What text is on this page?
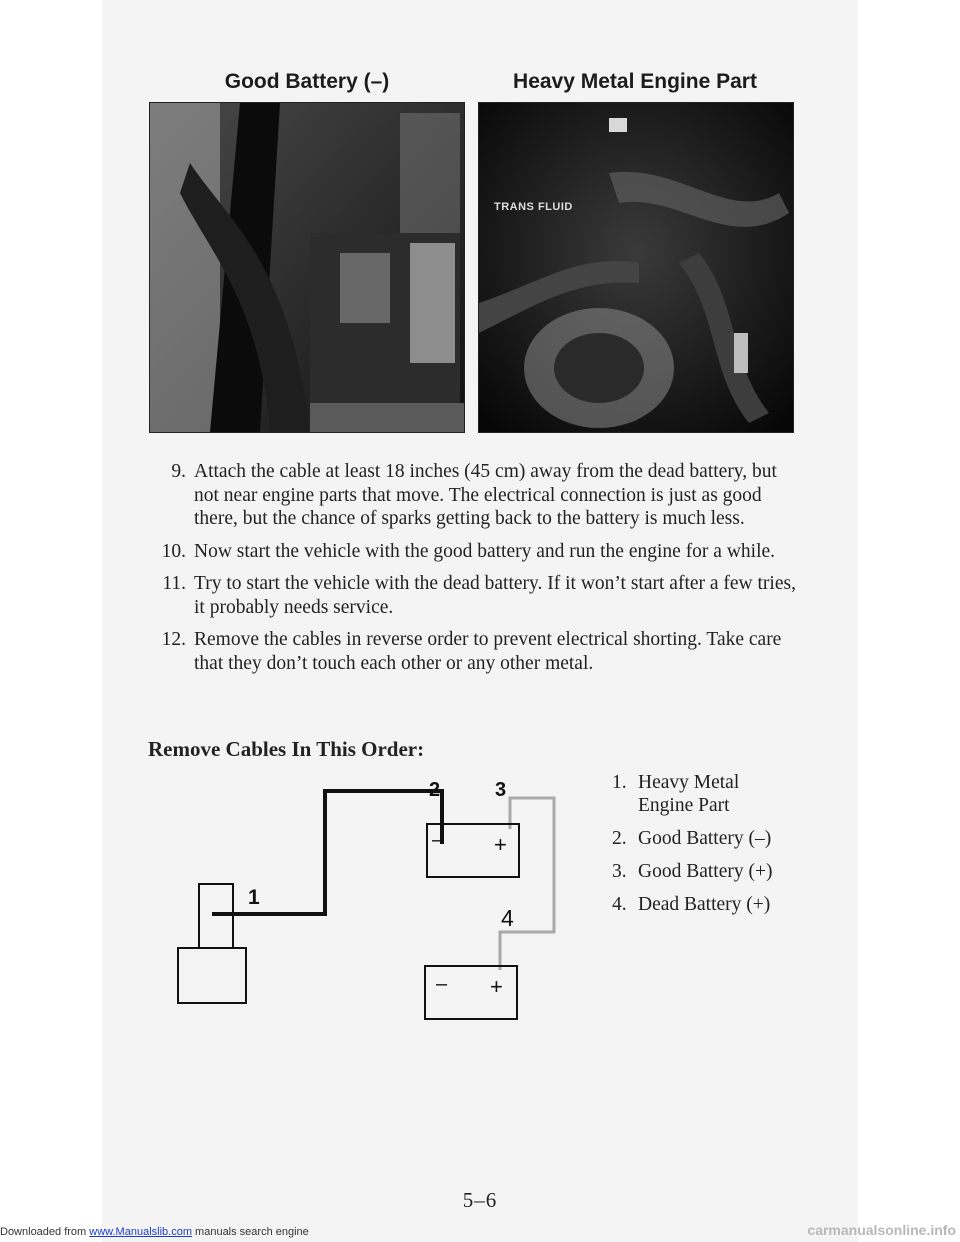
Good Battery (–)	Heavy Metal Engine Part
TRANS FLUID
9. Attach the cable at least 18 inches (45 cm) away from the dead battery, but not near engine parts that move. The electrical connection is just as good there, but the chance of sparks getting back to the battery is much less.
10. Now start the vehicle with the good battery and run the engine for a while.
11. Try to start the vehicle with the dead battery. If it won’t start after a few tries, it probably needs service.
12. Remove the cables in reverse order to prevent electrical shorting. Take care that they don’t touch each other or any other metal.
Remove Cables In This Order:
1
2	3
4
– +
– +
1. Heavy Metal Engine Part
2. Good Battery (–)
3. Good Battery (+)
4. Dead Battery (+)
5–6
Downloaded from www.Manualslib.com manuals search engine	carmanualsonline.info
